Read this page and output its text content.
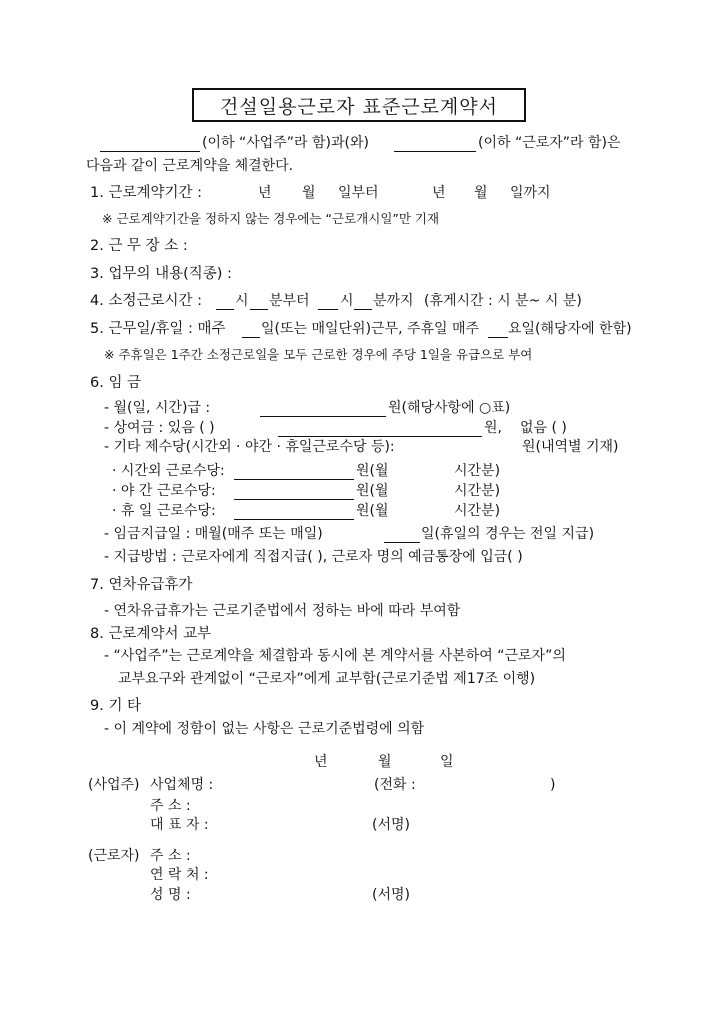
건설일용근로자 표준근로계약서
(이하 “사업주”라 함)과(와)	(이하 “근로자”라 함)은
다음과 같이 근로계약을 체결한다.
1. 근로계약기간 :	년 월 일부터	년 월 일까지
※ 근로계약기간을 정하지 않는 경우에는 “근로개시일”만 기재
2. 근 무 장 소 :
3. 업무의 내용(직종) :
4. 소정근로시간 : 시 분부터 시 분까지 (휴게시간 : 시 분~ 시 분)
5. 근무일/휴일 : 매주	일(또는 매일단위)근무, 주휴일 매주 요일(해당자에 한함)
※ 주휴일은 1주간 소정근로일을 모두 근로한 경우에 주당 1일을 유급으로 부여
6. 임 금
- 월(일, 시간)급 :	원(해당사항에 ○표)
- 상여금 : 있음 ( )	원, 없음 ( )
- 기타 제수당(시간외 · 야간 · 휴일근로수당 등):	원(내역별 기재)
· 시간외 근로수당:	원(월	시간분)
· 야 간 근로수당:	원(월	시간분)
· 휴 일 근로수당:	원(월	시간분)
- 임금지급일 : 매월(매주 또는 매일)	일(휴일의 경우는 전일 지급)
- 지급방법 : 근로자에게 직접지급( ), 근로자 명의 예금통장에 입금( )
7. 연차유급휴가
- 연차유급휴가는 근로기준법에서 정하는 바에 따라 부여함
8. 근로계약서 교부
- “사업주”는 근로계약을 체결함과 동시에 본 계약서를 사본하여 “근로자”의
교부요구와 관계없이 “근로자”에게 교부함(근로기준법 제17조 이행)
9. 기 타
- 이 계약에 정함이 없는 사항은 근로기준법령에 의함
년	월	일
(사업주) 사업체명 :	(전화 :	)
주 소 :
대 표 자 :	(서명)
(근로자) 주 소 :
연 락 처 :
성 명 :	(서명)
